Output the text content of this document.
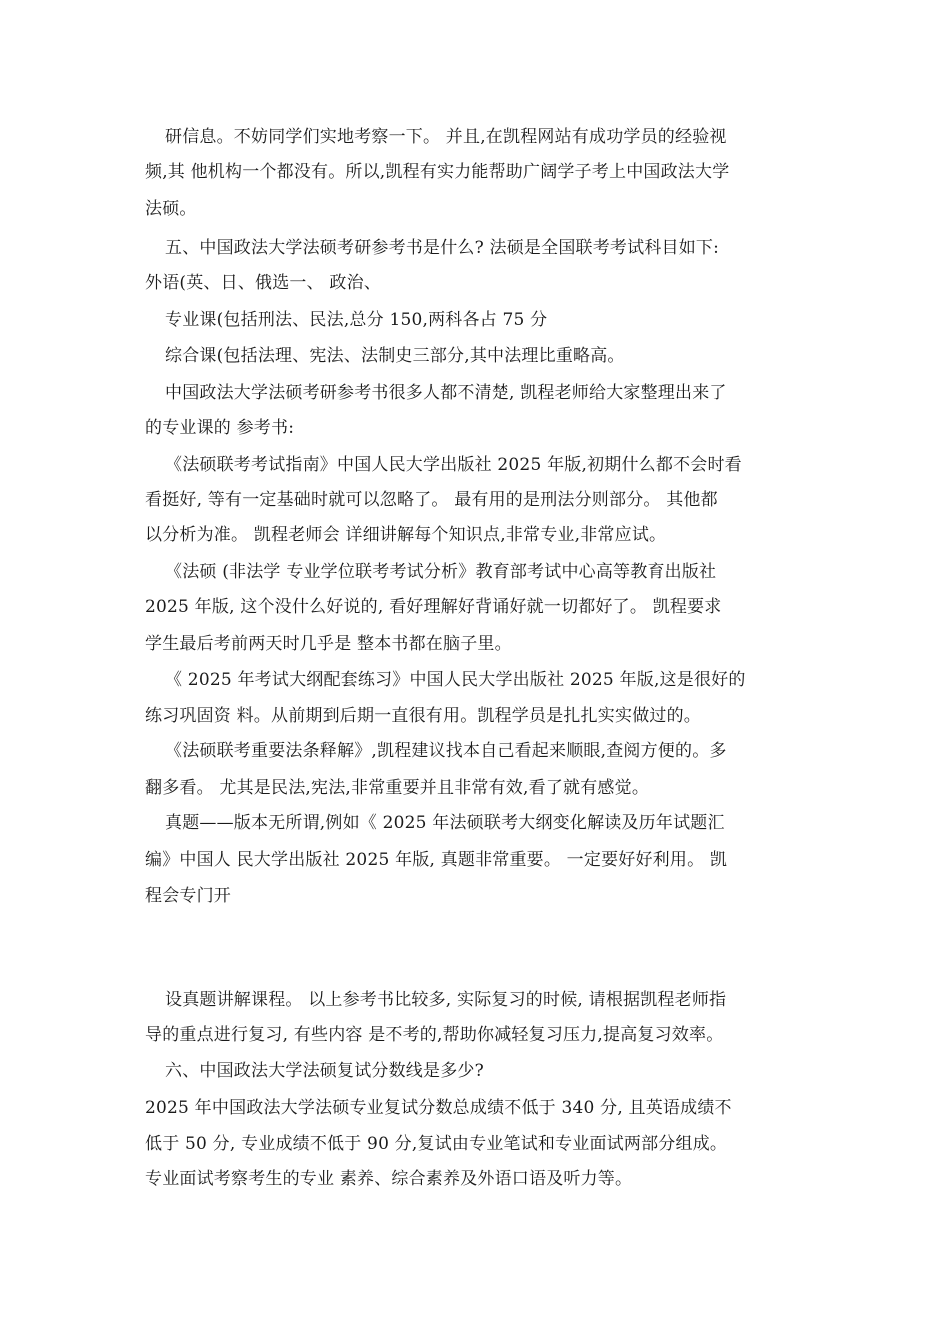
研信息。不妨同学们实地考察一下。 并且,在凯程网站有成功学员的经验视
频,其 他机构一个都没有。所以,凯程有实力能帮助广阔学子考上中国政法大学
法硕。
五、中国政法大学法硕考研参考书是什么? 法硕是全国联考考试科目如下:
外语(英、日、俄选一、 政治、
专业课(包括刑法、民法,总分 150,两科各占 75 分
综合课(包括法理、宪法、法制史三部分,其中法理比重略高。
中国政法大学法硕考研参考书很多人都不清楚, 凯程老师给大家整理出来了
的专业课的 参考书:
《法硕联考考试指南》中国人民大学出版社 2025 年版,初期什么都不会时看
看挺好, 等有一定基础时就可以忽略了。 最有用的是刑法分则部分。 其他都
以分析为准。 凯程老师会 详细讲解每个知识点,非常专业,非常应试。
《法硕 (非法学 专业学位联考考试分析》教育部考试中心高等教育出版社
2025 年版, 这个没什么好说的, 看好理解好背诵好就一切都好了。 凯程要求
学生最后考前两天时几乎是 整本书都在脑子里。
《 2025 年考试大纲配套练习》中国人民大学出版社 2025 年版,这是很好的
练习巩固资 料。从前期到后期一直很有用。凯程学员是扎扎实实做过的。
《法硕联考重要法条释解》,凯程建议找本自己看起来顺眼,查阅方便的。多
翻多看。 尤其是民法,宪法,非常重要并且非常有效,看了就有感觉。
真题——版本无所谓,例如《 2025 年法硕联考大纲变化解读及历年试题汇
编》中国人 民大学出版社 2025 年版, 真题非常重要。 一定要好好利用。 凯
程会专门开
设真题讲解课程。 以上参考书比较多, 实际复习的时候, 请根据凯程老师指
导的重点进行复习, 有些内容 是不考的,帮助你减轻复习压力,提高复习效率。
六、中国政法大学法硕复试分数线是多少?
2025 年中国政法大学法硕专业复试分数总成绩不低于 340 分, 且英语成绩不
低于 50 分, 专业成绩不低于 90 分,复试由专业笔试和专业面试两部分组成。
专业面试考察考生的专业 素养、综合素养及外语口语及听力等。
